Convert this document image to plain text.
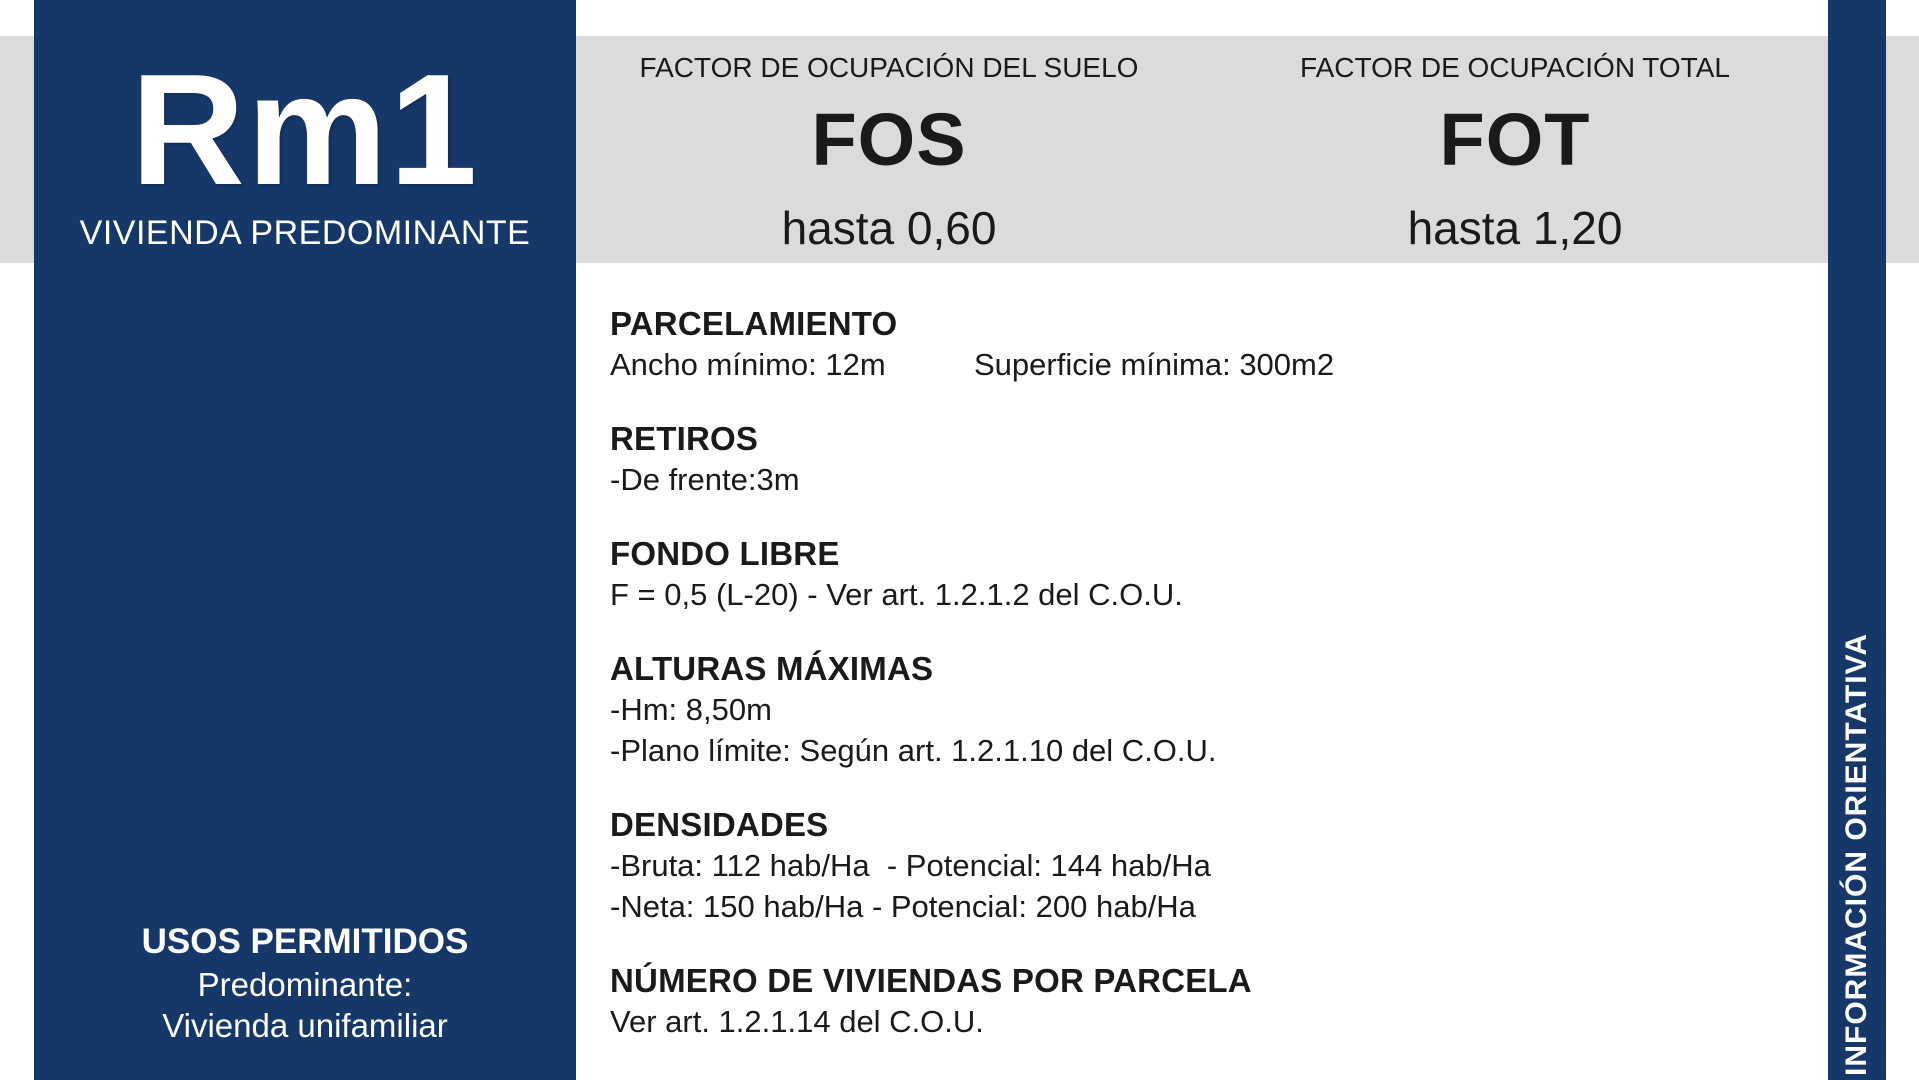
Rm1
VIVIENDA PREDOMINANTE
USOS PERMITIDOS
Predominante:
Vivienda unifamiliar
FACTOR DE OCUPACIÓN DEL SUELO
FOS
hasta 0,60
FACTOR DE OCUPACIÓN TOTAL
FOT
hasta 1,20
PARCELAMIENTO
Ancho mínimo: 12m	Superficie mínima: 300m2
RETIROS
-De frente:3m
FONDO LIBRE
F = 0,5 (L-20) - Ver art. 1.2.1.2 del C.O.U.
ALTURAS MÁXIMAS
-Hm: 8,50m
-Plano límite: Según art. 1.2.1.10 del C.O.U.
DENSIDADES
-Bruta: 112 hab/Ha  - Potencial: 144 hab/Ha
-Neta: 150 hab/Ha - Potencial: 200 hab/Ha
NÚMERO DE VIVIENDAS POR PARCELA
Ver art. 1.2.1.14 del C.O.U.	INFORMACIÓN ORIENTATIVA
